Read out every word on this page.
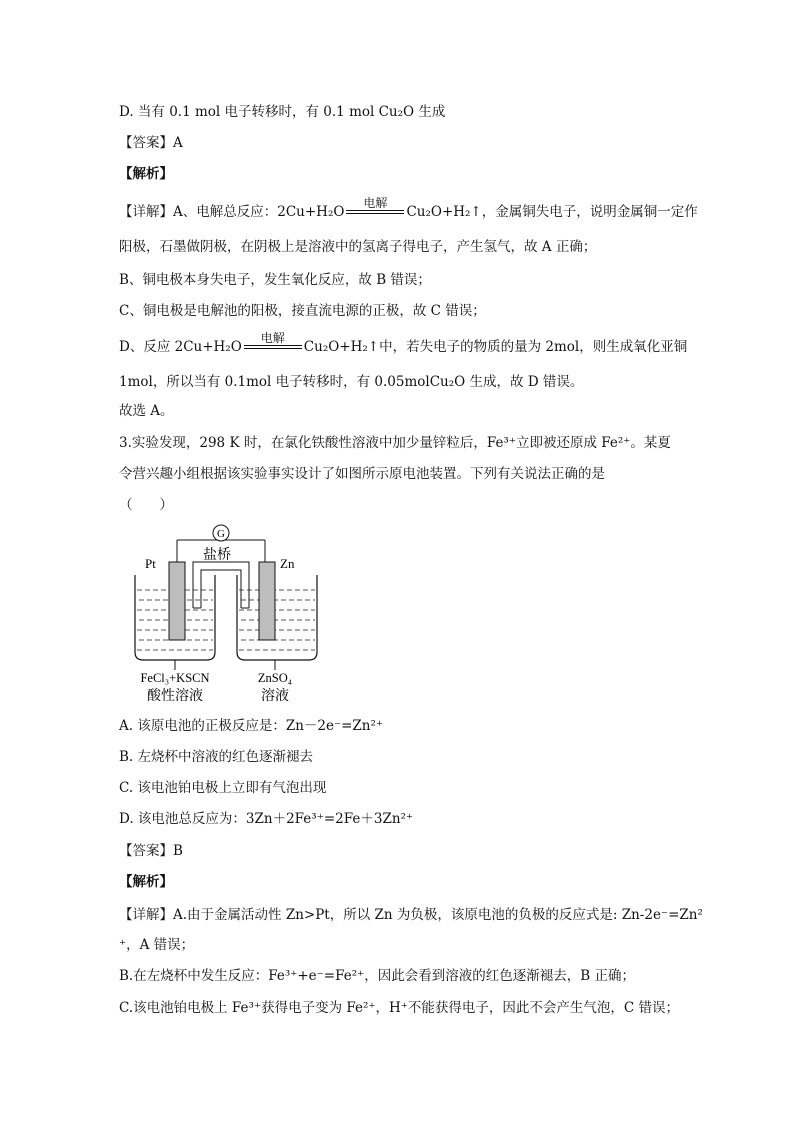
D. 当有 0.1 mol 电子转移时，有 0.1 mol Cu₂O 生成
【答案】A
【解析】
【详解】A、电解总反应：2Cu+H₂O
电解
Cu₂O+H₂↑，金属铜失电子，说明金属铜一定作
阳极，石墨做阴极，在阴极上是溶液中的氢离子得电子，产生氢气，故 A 正确；
B、铜电极本身失电子，发生氧化反应，故 B 错误；
C、铜电极是电解池的阳极，接直流电源的正极，故 C 错误；
D、反应 2Cu+H₂O
电解
Cu₂O+H₂↑中，若失电子的物质的量为 2mol，则生成氧化亚铜
1mol，所以当有 0.1mol 电子转移时，有 0.05molCu₂O 生成，故 D 错误。
故选 A。
3.实验发现，298 K 时，在氯化铁酸性溶液中加少量锌粒后，Fe³⁺立即被还原成 Fe²⁺。某夏
令营兴趣小组根据该实验事实设计了如图所示原电池装置。下列有关说法正确的是
（　　）
G
盐桥
Pt	Zn
FeCl₃+KSCN
酸性溶液
ZnSO₄
溶液
A. 该原电池的正极反应是：Zn－2e⁻=Zn²⁺
B. 左烧杯中溶液的红色逐渐褪去
C. 该电池铂电极上立即有气泡出现
D. 该电池总反应为：3Zn＋2Fe³⁺=2Fe＋3Zn²⁺
【答案】B
【解析】
【详解】A.由于金属活动性 Zn>Pt，所以 Zn 为负极，该原电池的负极的反应式是: Zn-2e⁻=Zn²
⁺，A 错误；
B.在左烧杯中发生反应：Fe³⁺+e⁻=Fe²⁺，因此会看到溶液的红色逐渐褪去，B 正确；
C.该电池铂电极上 Fe³⁺获得电子变为 Fe²⁺，H⁺不能获得电子，因此不会产生气泡，C 错误；
